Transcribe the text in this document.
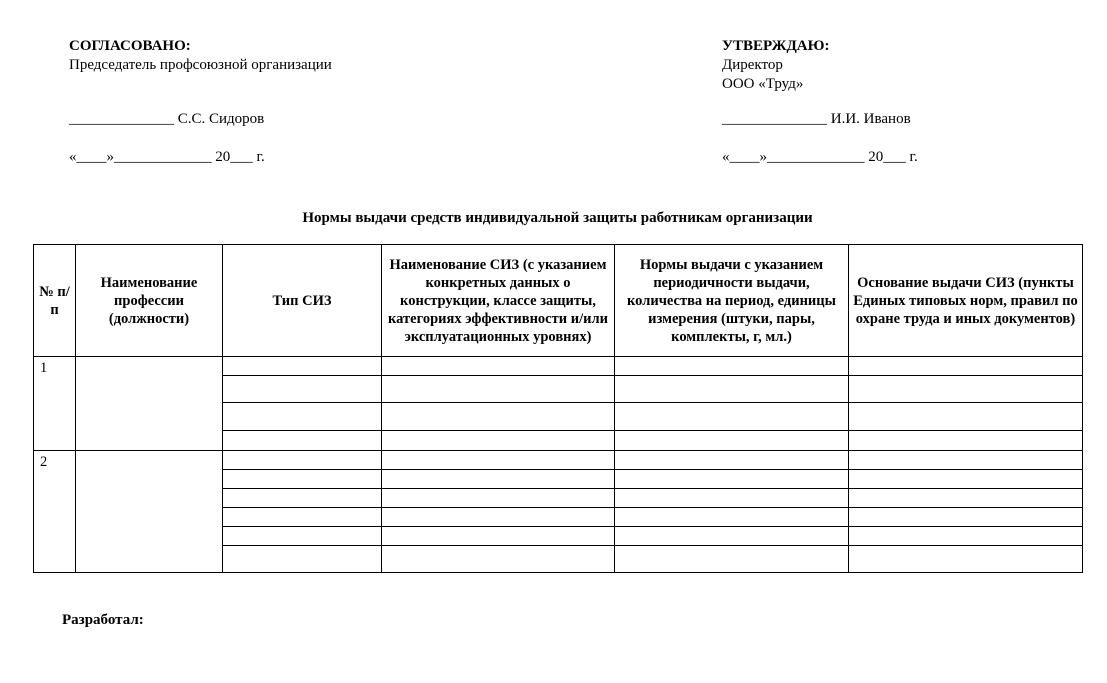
СОГЛАСОВАНО:
Председатель профсоюзной организации
______________ С.С. Сидоров
«____»_____________ 20___ г.
УТВЕРЖДАЮ:
Директор
ООО «Труд»
______________ И.И. Иванов
«____»_____________ 20___ г.
Нормы выдачи средств индивидуальной защиты работникам организации
№ п/п	Наименование профессии (должности)	Тип СИЗ	Наименование СИЗ (с указанием конкретных данных о конструкции, классе защиты, категориях эффективности и/или эксплуатационных уровнях)	Нормы выдачи с указанием периодичности выдачи, количества на период, единицы измерения (штуки, пары, комплекты, г, мл.)	Основание выдачи СИЗ (пункты Единых типовых норм, правил по охране труда и иных документов)
1					

2					

Разработал:
